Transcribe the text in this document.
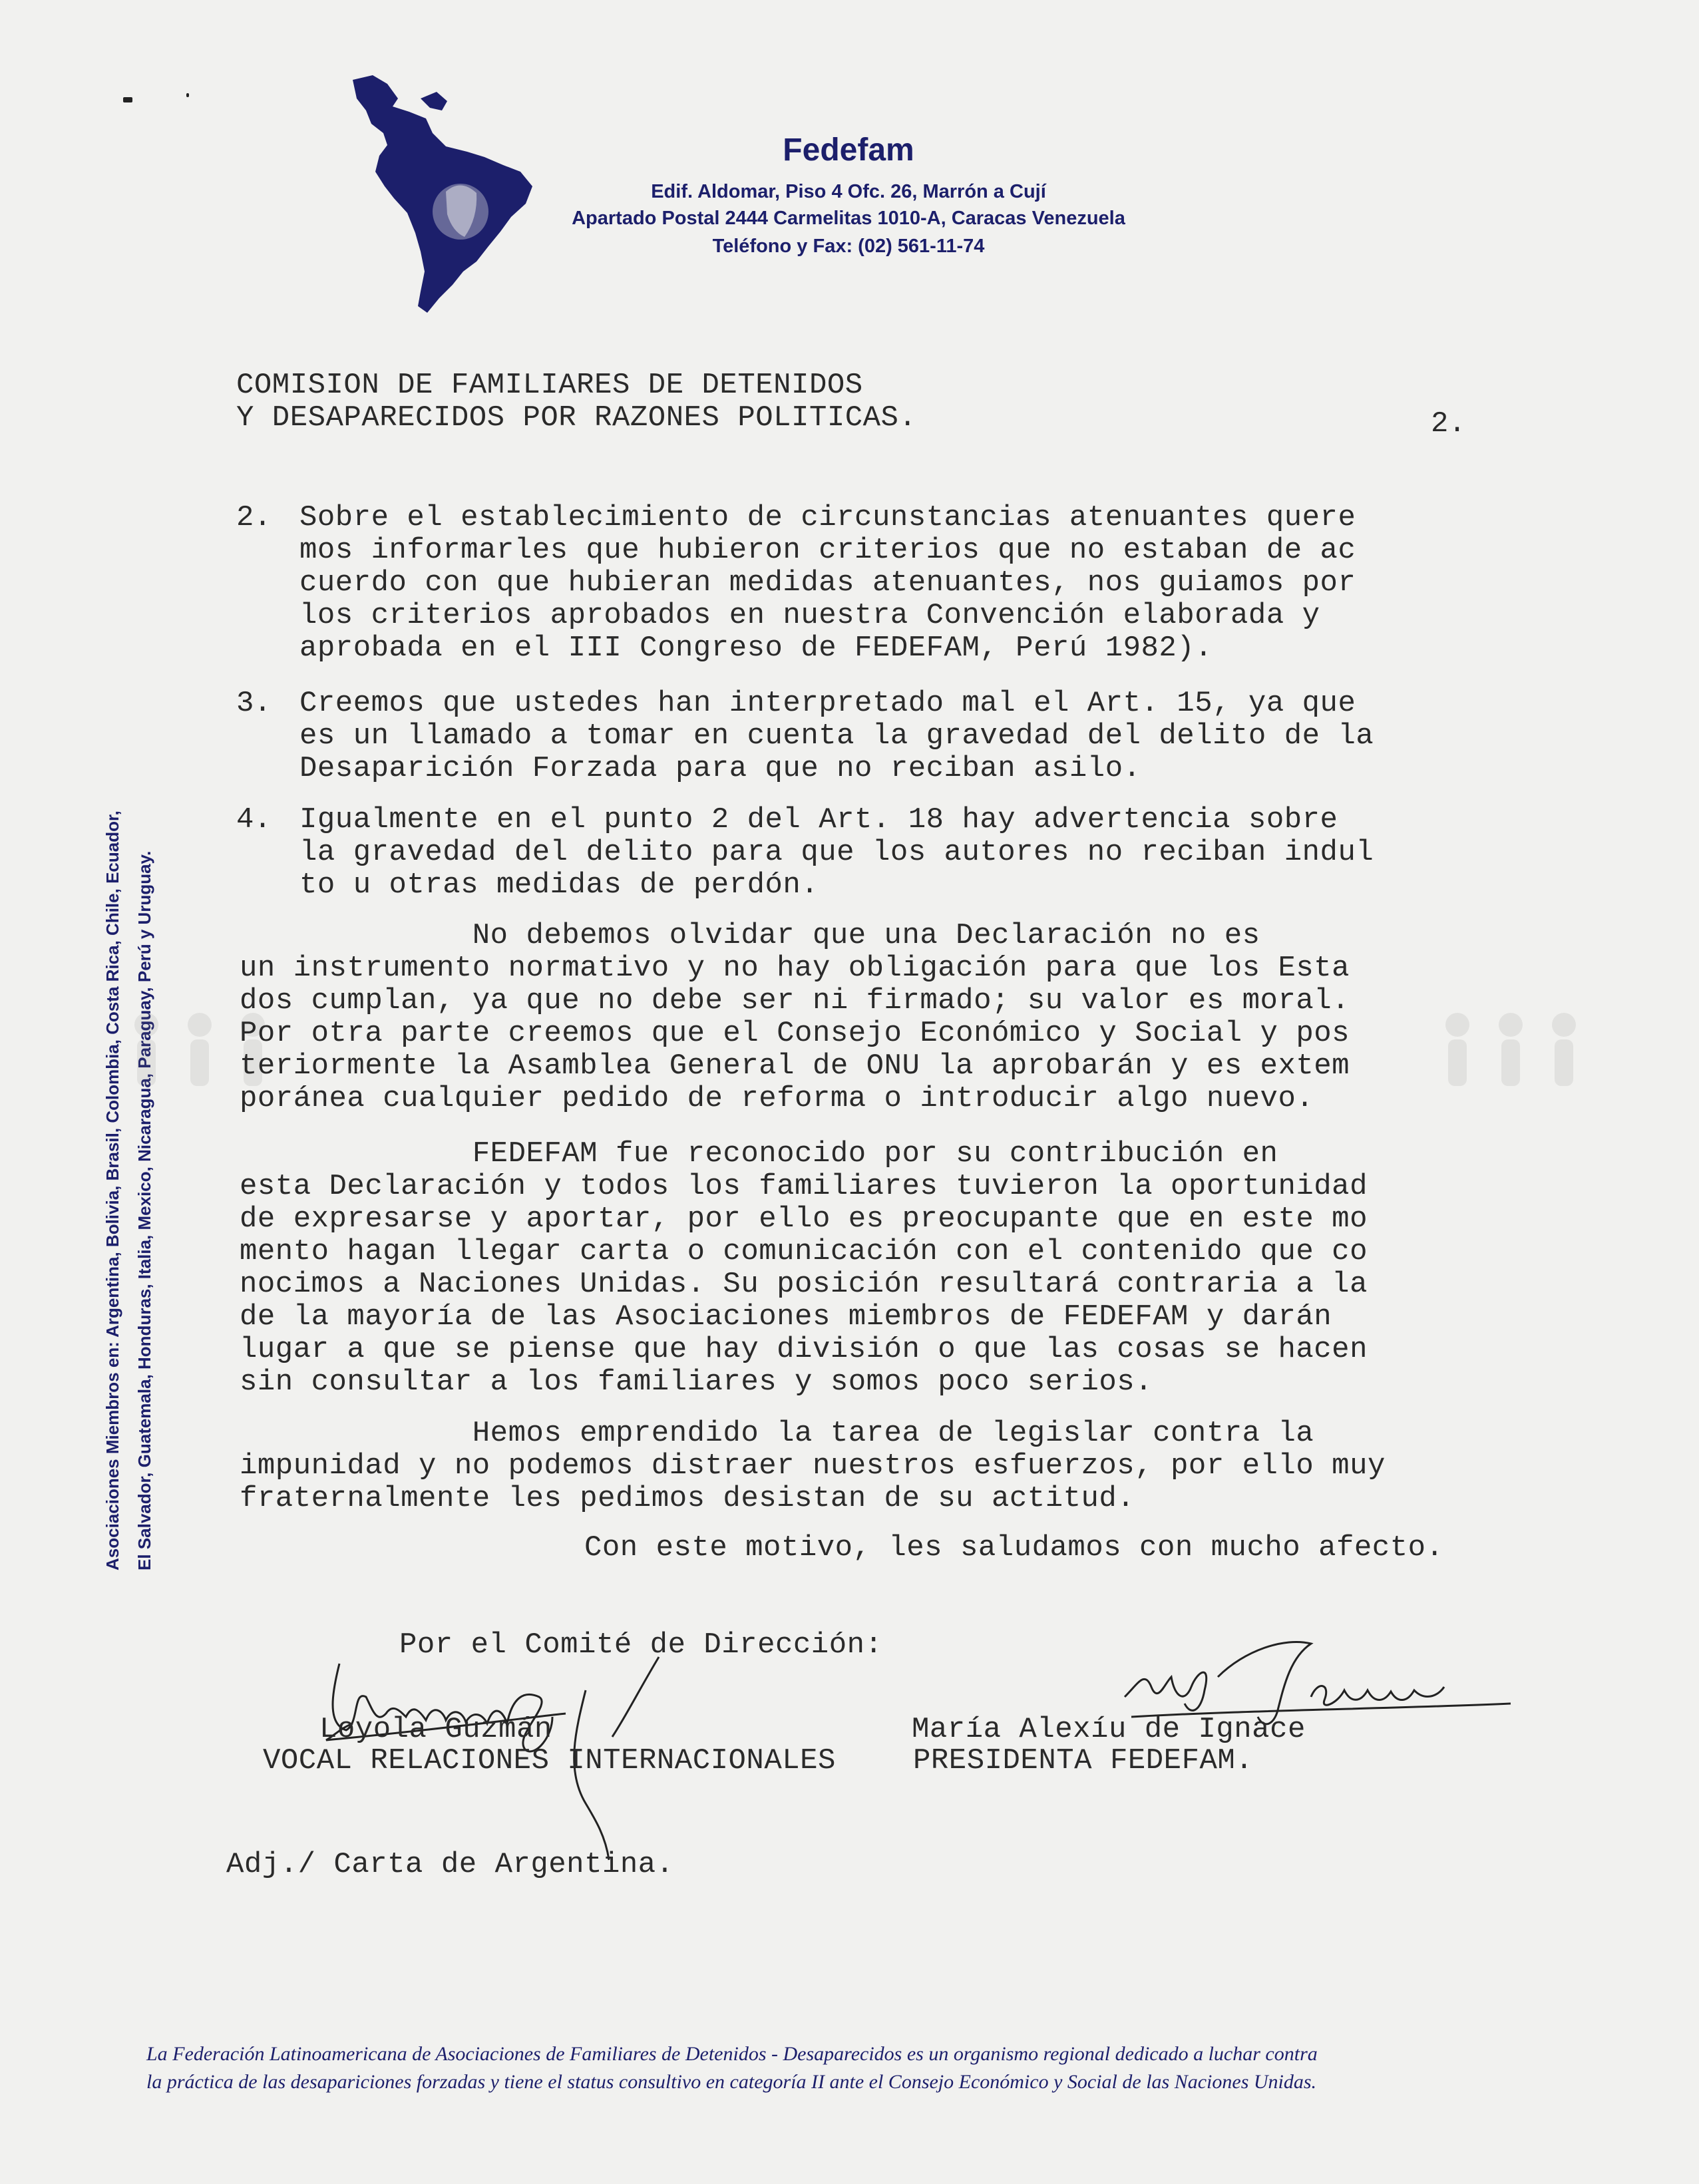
Fedefam
Edif. Aldomar, Piso 4 Ofc. 26, Marrón a Cují
Apartado Postal 2444 Carmelitas 1010-A, Caracas Venezuela
Teléfono y Fax: (02) 561-11-74
Asociaciones Miembros en: Argentina, Bolivia, Brasil, Colombia, Costa Rica, Chile, Ecuador, El Salvador, Guatemala, Honduras, Italia, Mexico, Nicaragua, Paraguay, Perú y Uruguay.
COMISION DE FAMILIARES DE DETENIDOS
Y DESAPARECIDOS POR RAZONES POLITICAS.	2.
2. Sobre el establecimiento de circunstancias atenuantes quere
mos informarles que hubieron criterios que no estaban de ac
cuerdo con que hubieran medidas atenuantes, nos guiamos por
los criterios aprobados en nuestra Convención elaborada y
aprobada en el III Congreso de FEDEFAM, Perú 1982).
3. Creemos que ustedes han interpretado mal el Art. 15, ya que
es un llamado a tomar en cuenta la gravedad del delito de la
Desaparición Forzada para que no reciban asilo.
4. Igualmente en el punto 2 del Art. 18 hay advertencia sobre
la gravedad del delito para que los autores no reciban indul
to u otras medidas de perdón.
No debemos olvidar que una Declaración no es
un instrumento normativo y no hay obligación para que los Esta
dos cumplan, ya que no debe ser ni firmado; su valor es moral.
Por otra parte creemos que el Consejo Económico y Social y pos
teriormente la Asamblea General de ONU la aprobarán y es extem
poránea cualquier pedido de reforma o introducir algo nuevo.
FEDEFAM fue reconocido por su contribución en
esta Declaración y todos los familiares tuvieron la oportunidad
de expresarse y aportar, por ello es preocupante que en este mo
mento hagan llegar carta o comunicación con el contenido que co
nocimos a Naciones Unidas. Su posición resultará contraria a la
de la mayoría de las Asociaciones miembros de FEDEFAM y darán
lugar a que se piense que hay división o que las cosas se hacen
sin consultar a los familiares y somos poco serios.
Hemos emprendido la tarea de legislar contra la
impunidad y no podemos distraer nuestros esfuerzos, por ello muy
fraternalmente les pedimos desistan de su actitud.
Con este motivo, les saludamos con mucho afecto.
Por el Comité de Dirección:
Loyola Guzmán
VOCAL RELACIONES INTERNACIONALES
María Alexíu de Ignace
PRESIDENTA FEDEFAM.
Adj./ Carta de Argentina.
La Federación Latinoamericana de Asociaciones de Familiares de Detenidos - Desaparecidos es un organismo regional dedicado a luchar contra
la práctica de las desapariciones forzadas y tiene el status consultivo en categoría II ante el Consejo Económico y Social de las Naciones Unidas.
